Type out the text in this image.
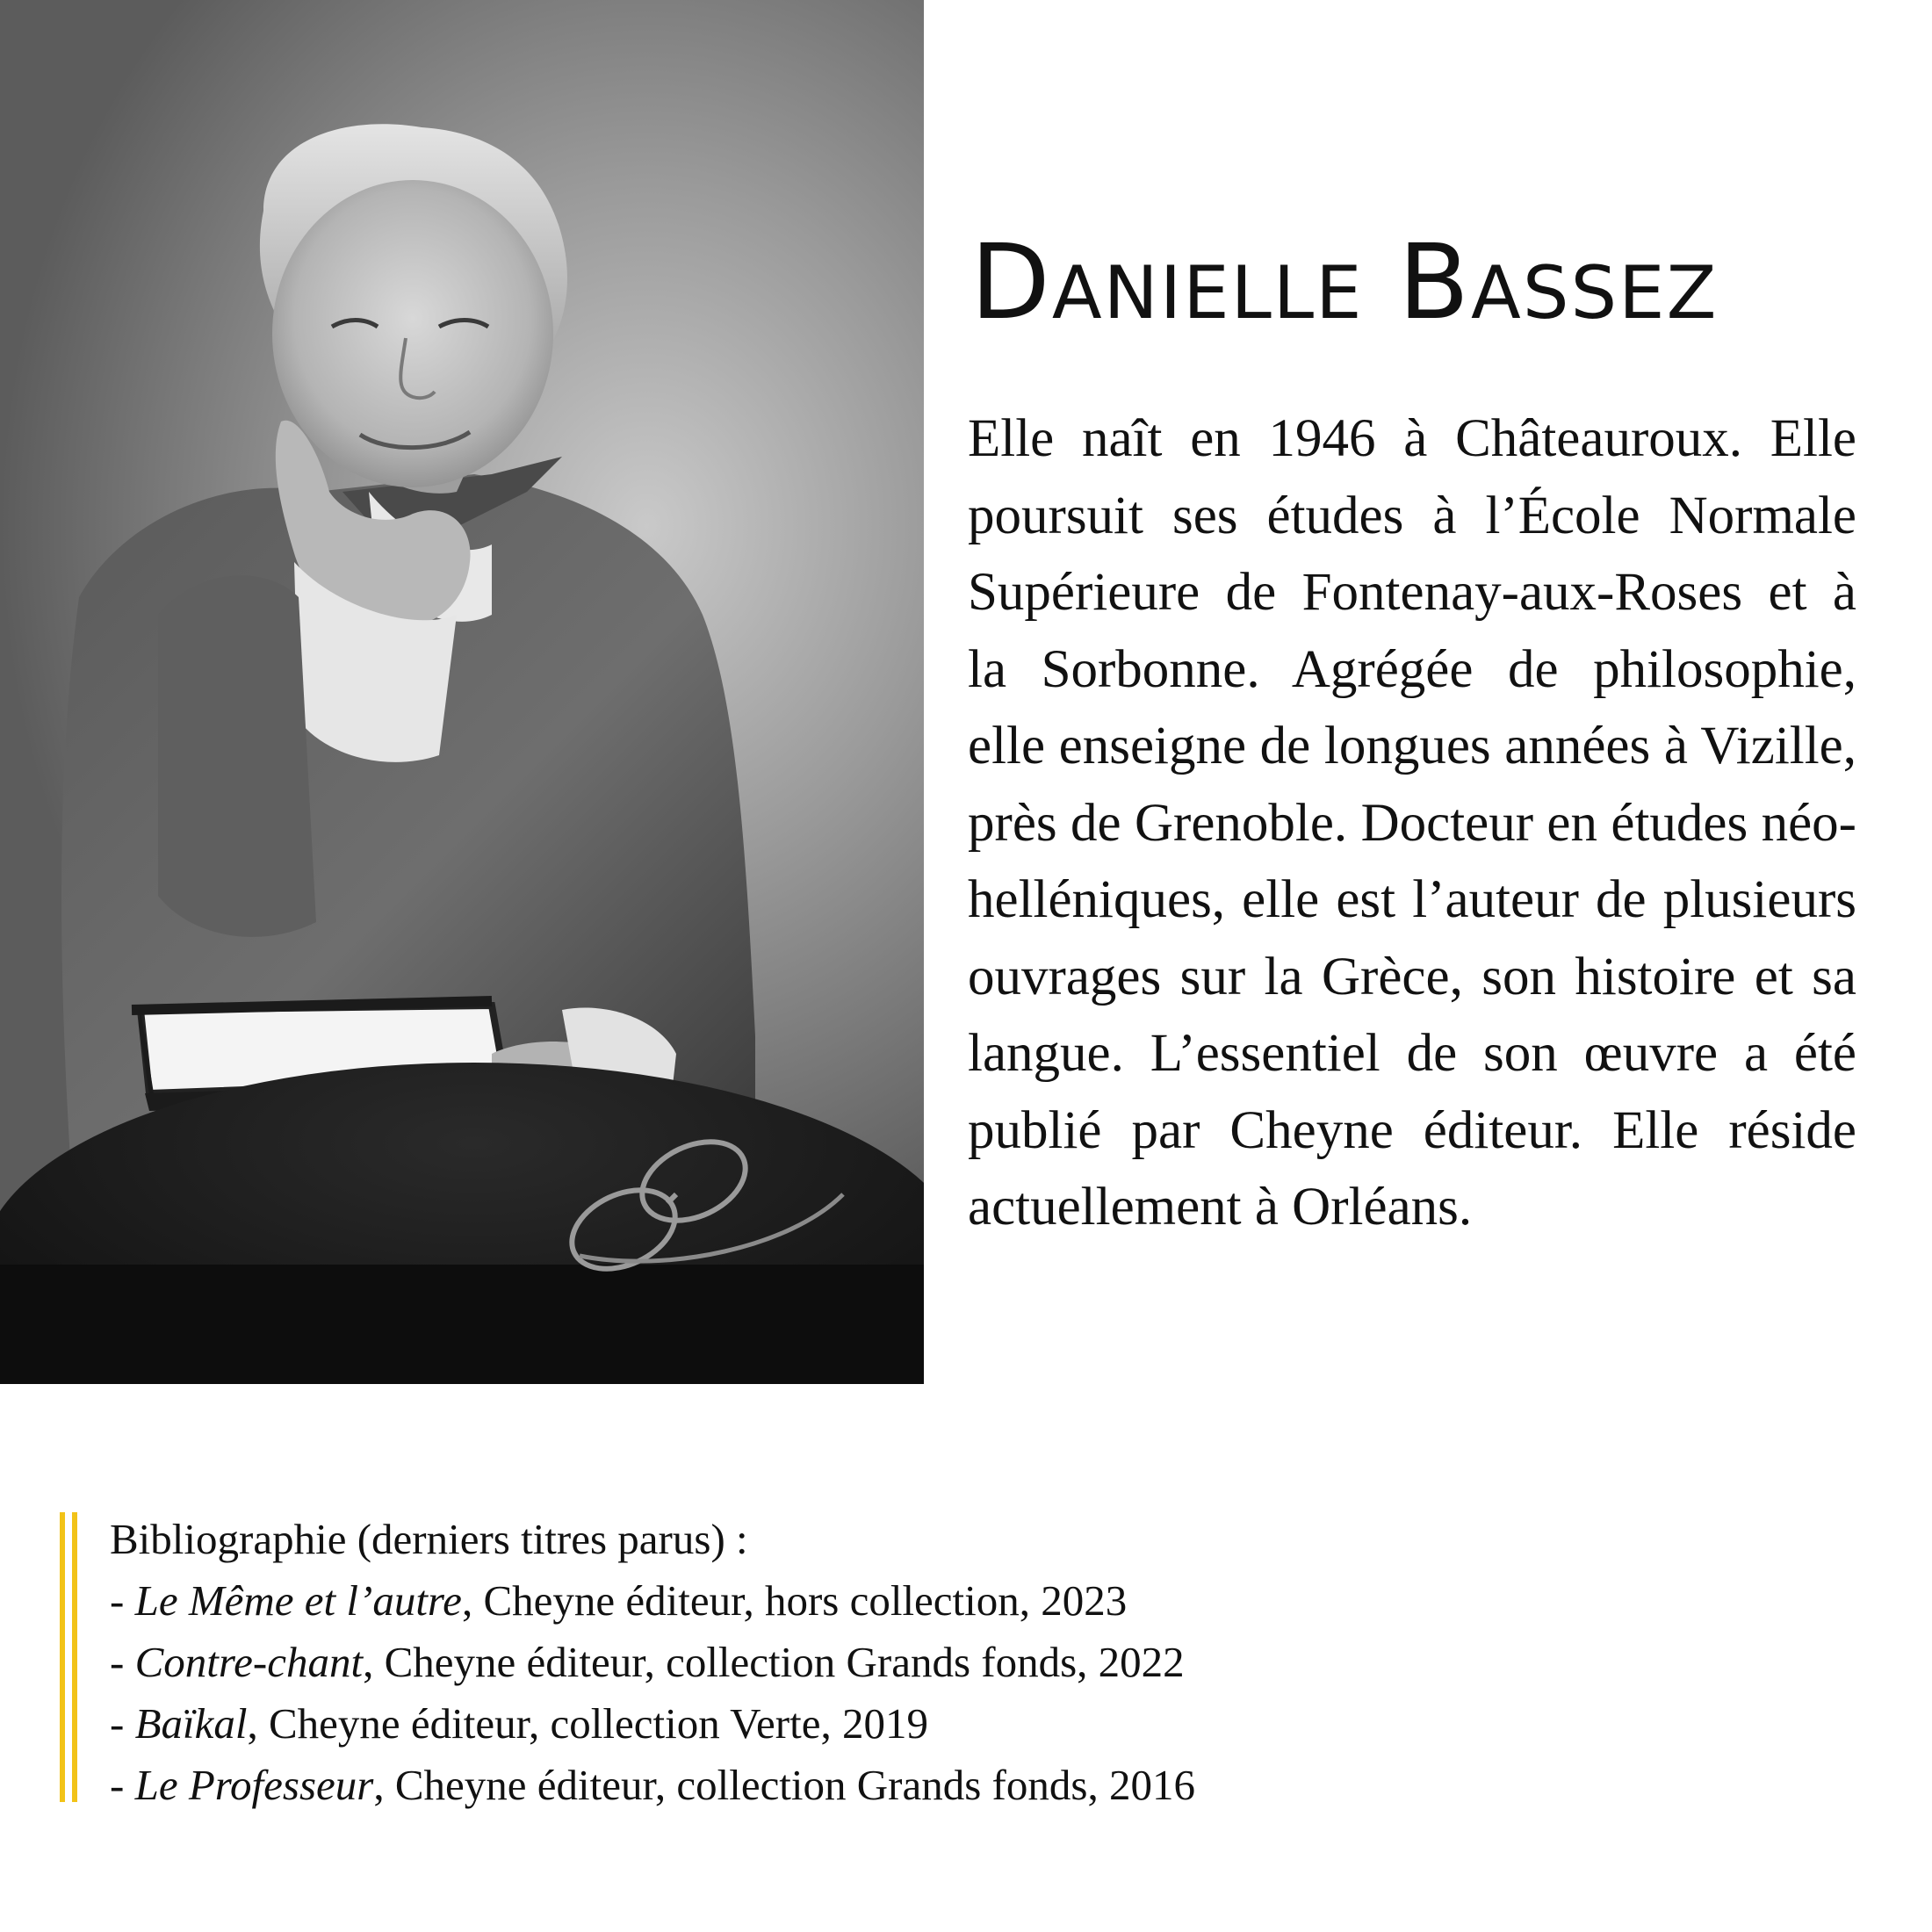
Danielle Bassez

Elle naît en 1946 à Châteauroux. Elle poursuit ses études à l’École Normale Supérieure de Fontenay-aux-Roses et à la Sorbonne. Agrégée de philosophie, elle enseigne de longues années à Vizille, près de Grenoble. Docteur en études néo-helléniques, elle est l’auteur de plusieurs ouvrages sur la Grèce, son histoire et sa langue. L’essentiel de son œuvre a été publié par Cheyne éditeur. Elle réside actuellement à Orléans.

Bibliographie (derniers titres parus) :
- Le Même et l’autre, Cheyne éditeur, hors collection, 2023
- Contre-chant, Cheyne éditeur, collection Grands fonds, 2022
- Baïkal, Cheyne éditeur, collection Verte, 2019
- Le Professeur, Cheyne éditeur, collection Grands fonds, 2016
